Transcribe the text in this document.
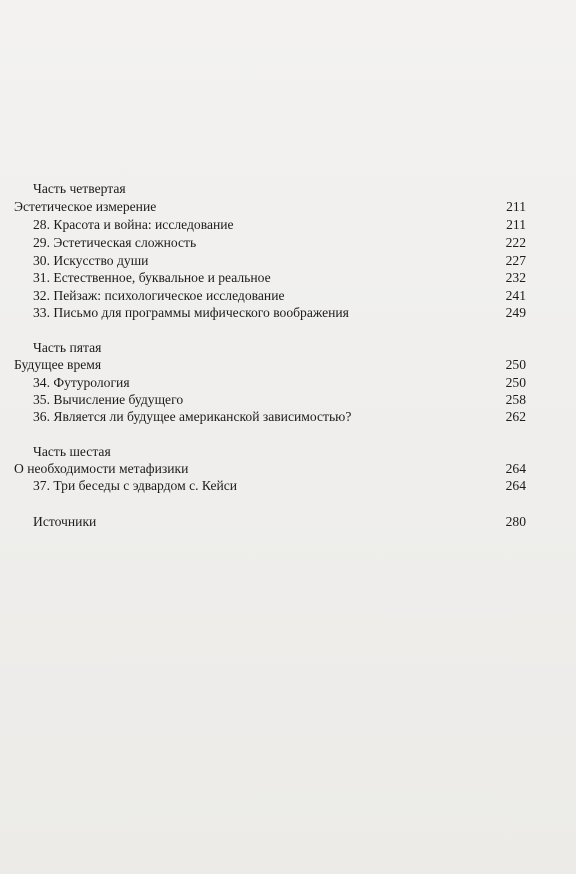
Часть четвертая
Эстетическое измерение	211
28. Красота и война: исследование	211
29. Эстетическая сложность	222
30. Искусство души	227
31. Естественное, буквальное и реальное	232
32. Пейзаж: психологическое исследование	241
33. Письмо для программы мифического воображения	249
Часть пятая
Будущее время	250
34. Футурология	250
35. Вычисление будущего	258
36. Является ли будущее американской зависимостью?	262
Часть шестая
О необходимости метафизики	264
37. Три беседы с эдвардом с. Кейси	264
Источники	280
